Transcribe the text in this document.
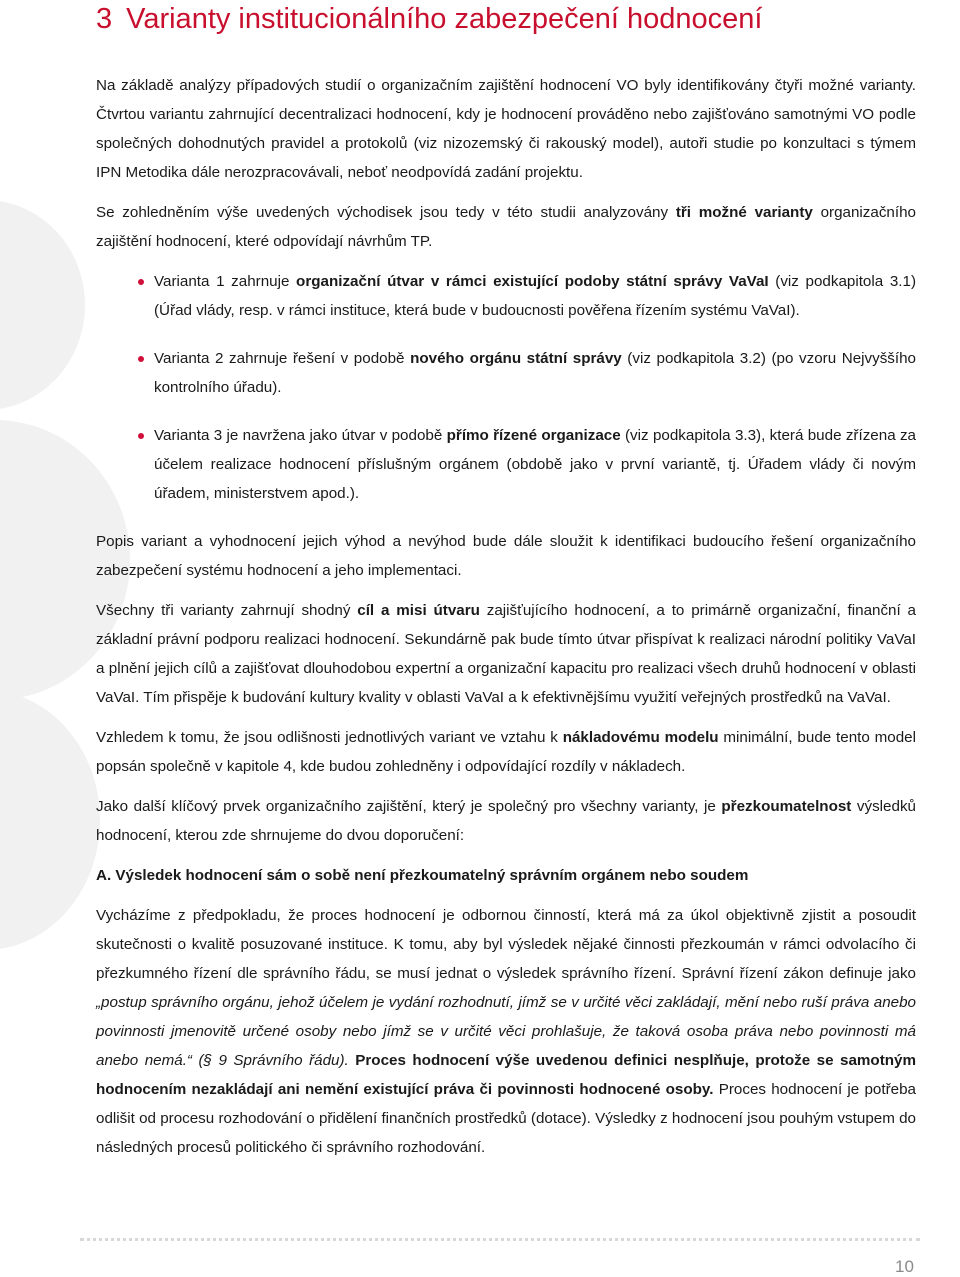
3 Varianty institucionálního zabezpečení hodnocení

Na základě analýzy případových studií o organizačním zajištění hodnocení VO byly identifikovány čtyři možné varianty. Čtvrtou variantu zahrnující decentralizaci hodnocení, kdy je hodnocení prováděno nebo zajišťováno samotnými VO podle společných dohodnutých pravidel a protokolů (viz nizozemský či rakouský model), autoři studie po konzultaci s týmem IPN Metodika dále nerozpracovávali, neboť neodpovídá zadání projektu.

Se zohledněním výše uvedených východisek jsou tedy v této studii analyzovány tři možné varianty organizačního zajištění hodnocení, které odpovídají návrhům TP.

Varianta 1 zahrnuje organizační útvar v rámci existující podoby státní správy VaVaI (viz podkapitola 3.1) (Úřad vlády, resp. v rámci instituce, která bude v budoucnosti pověřena řízením systému VaVaI).
Varianta 2 zahrnuje řešení v podobě nového orgánu státní správy (viz podkapitola 3.2) (po vzoru Nejvyššího kontrolního úřadu).
Varianta 3 je navržena jako útvar v podobě přímo řízené organizace (viz podkapitola 3.3), která bude zřízena za účelem realizace hodnocení příslušným orgánem (obdobě jako v první variantě, tj. Úřadem vlády či novým úřadem, ministerstvem apod.).

Popis variant a vyhodnocení jejich výhod a nevýhod bude dále sloužit k identifikaci budoucího řešení organizačního zabezpečení systému hodnocení a jeho implementaci.

Všechny tři varianty zahrnují shodný cíl a misi útvaru zajišťujícího hodnocení, a to primárně organizační, finanční a základní právní podporu realizaci hodnocení. Sekundárně pak bude tímto útvar přispívat k realizaci národní politiky VaVaI a plnění jejich cílů a zajišťovat dlouhodobou expertní a organizační kapacitu pro realizaci všech druhů hodnocení v oblasti VaVaI. Tím přispěje k budování kultury kvality v oblasti VaVaI a k efektivnějšímu využití veřejných prostředků na VaVaI.

Vzhledem k tomu, že jsou odlišnosti jednotlivých variant ve vztahu k nákladovému modelu minimální, bude tento model popsán společně v kapitole 4, kde budou zohledněny i odpovídající rozdíly v nákladech.

Jako další klíčový prvek organizačního zajištění, který je společný pro všechny varianty, je přezkoumatelnost výsledků hodnocení, kterou zde shrnujeme do dvou doporučení:

A. Výsledek hodnocení sám o sobě není přezkoumatelný správním orgánem nebo soudem

Vycházíme z předpokladu, že proces hodnocení je odbornou činností, která má za úkol objektivně zjistit a posoudit skutečnosti o kvalitě posuzované instituce. K tomu, aby byl výsledek nějaké činnosti přezkoumán v rámci odvolacího či přezkumného řízení dle správního řádu, se musí jednat o výsledek správního řízení. Správní řízení zákon definuje jako „postup správního orgánu, jehož účelem je vydání rozhodnutí, jímž se v určité věci zakládají, mění nebo ruší práva anebo povinnosti jmenovitě určené osoby nebo jímž se v určité věci prohlašuje, že taková osoba práva nebo povinnosti má anebo nemá.“ (§ 9 Správního řádu). Proces hodnocení výše uvedenou definici nesplňuje, protože se samotným hodnocením nezakládají ani nemění existující práva či povinnosti hodnocené osoby. Proces hodnocení je potřeba odlišit od procesu rozhodování o přidělení finančních prostředků (dotace). Výsledky z hodnocení jsou pouhým vstupem do následných procesů politického či správního rozhodování.

10
